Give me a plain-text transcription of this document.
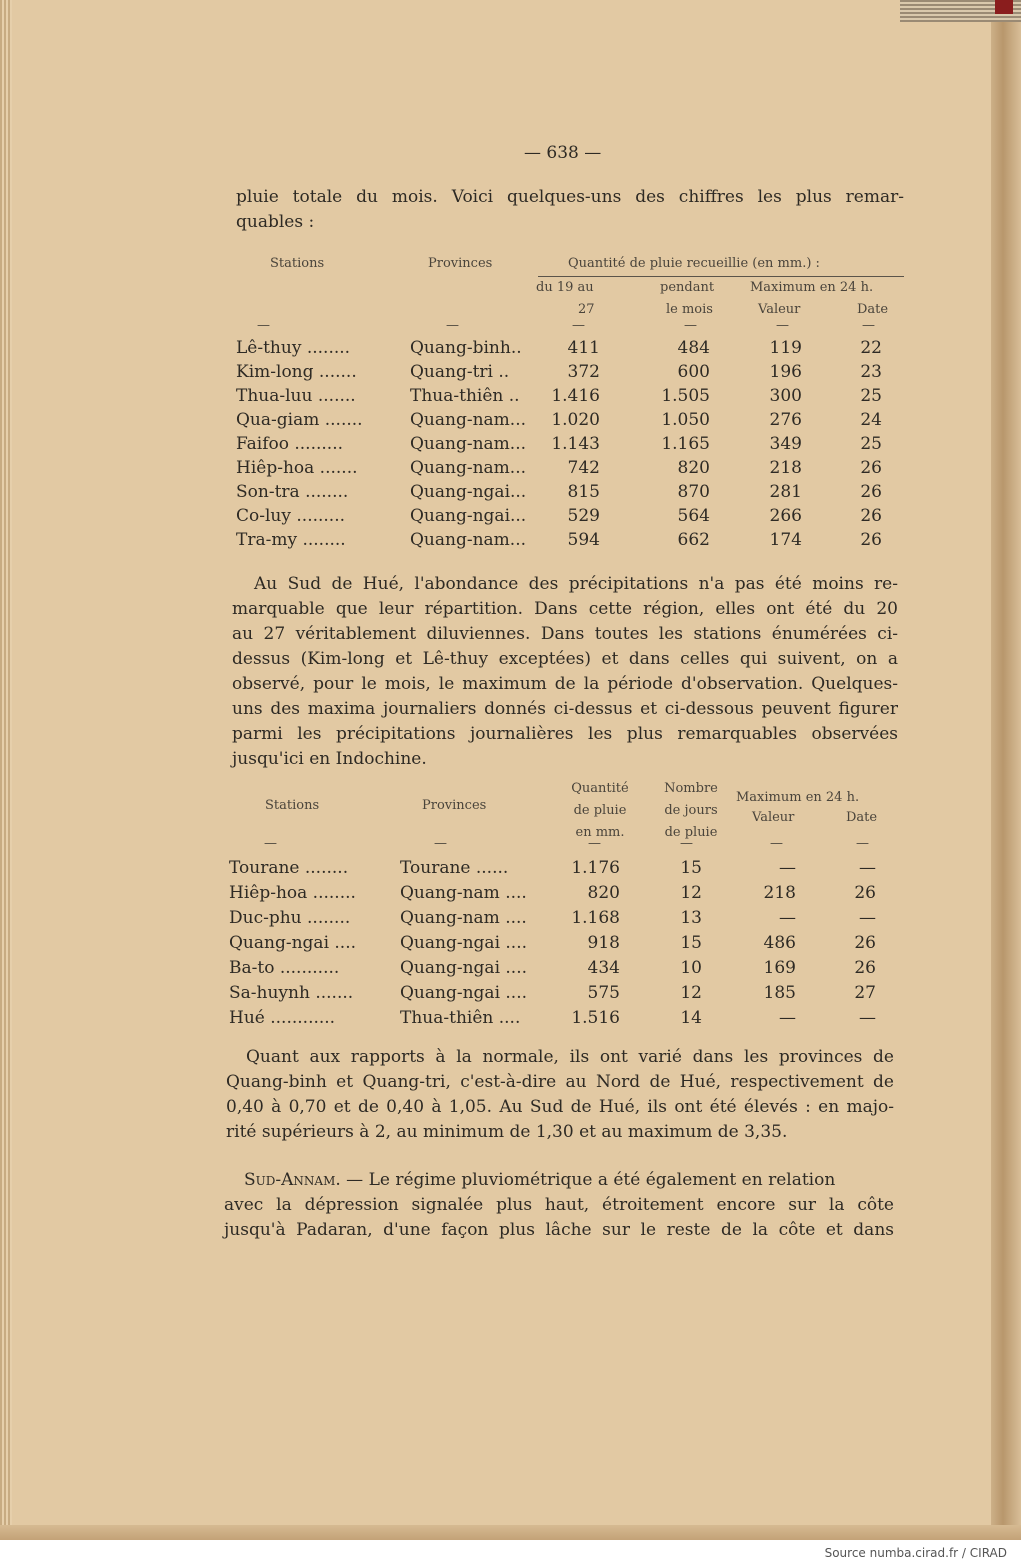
— 638 —
pluie totale du mois. Voici quelques-uns des chiffres les plus remar-
quables :
Stations	Provinces	Quantité de pluie recueillie (en mm.) :
du 19 au
27
pendant
le mois
Maximum en 24 h.
Valeur	Date
—	—	—	—	—	—
Lê-thuy ........	Quang-binh..	411	484	119	22
Kim-long .......	Quang-tri ..	372	600	196	23
Thua-luu .......	Thua-thiên ..	1.416	1.505	300	25
Qua-giam .......	Quang-nam...	1.020	1.050	276	24
Faifoo .........	Quang-nam...	1.143	1.165	349	25
Hiêp-hoa .......	Quang-nam...	742	820	218	26
Son-tra ........	Quang-ngai...	815	870	281	26
Co-luy .........	Quang-ngai...	529	564	266	26
Tra-my ........	Quang-nam...	594	662	174	26
Au Sud de Hué, l'abondance des précipitations n'a pas été moins re-
marquable que leur répartition. Dans cette région, elles ont été du 20
au 27 véritablement diluviennes. Dans toutes les stations énumérées ci-
dessus (Kim-long et Lê-thuy exceptées) et dans celles qui suivent, on a
observé, pour le mois, le maximum de la période d'observation. Quelques-
uns des maxima journaliers donnés ci-dessus et ci-dessous peuvent figurer
parmi les précipitations journalières les plus remarquables observées
jusqu'ici en Indochine.
Stations	Provinces
Quantité
de pluie
en mm.
Nombre
de jours
de pluie
Maximum en 24 h.
Valeur	Date
—	—	—	—	—	—
Tourane ........	Tourane ......	1.176	15	—	—
Hiêp-hoa ........	Quang-nam ....	820	12	218	26
Duc-phu ........	Quang-nam ....	1.168	13	—	—
Quang-ngai ....	Quang-ngai ....	918	15	486	26
Ba-to ...........	Quang-ngai ....	434	10	169	26
Sa-huynh .......	Quang-ngai ....	575	12	185	27
Hué ............	Thua-thiên ....	1.516	14	—	—
Quant aux rapports à la normale, ils ont varié dans les provinces de
Quang-binh et Quang-tri, c'est-à-dire au Nord de Hué, respectivement de
0,40 à 0,70 et de 0,40 à 1,05. Au Sud de Hué, ils ont été élevés : en majo-
rité supérieurs à 2, au minimum de 1,30 et au maximum de 3,35.
Sud-Annam. — Le régime pluviométrique a été également en relation
avec la dépression signalée plus haut, étroitement encore sur la côte
jusqu'à Padaran, d'une façon plus lâche sur le reste de la côte et dans
Source numba.cirad.fr / CIRAD
